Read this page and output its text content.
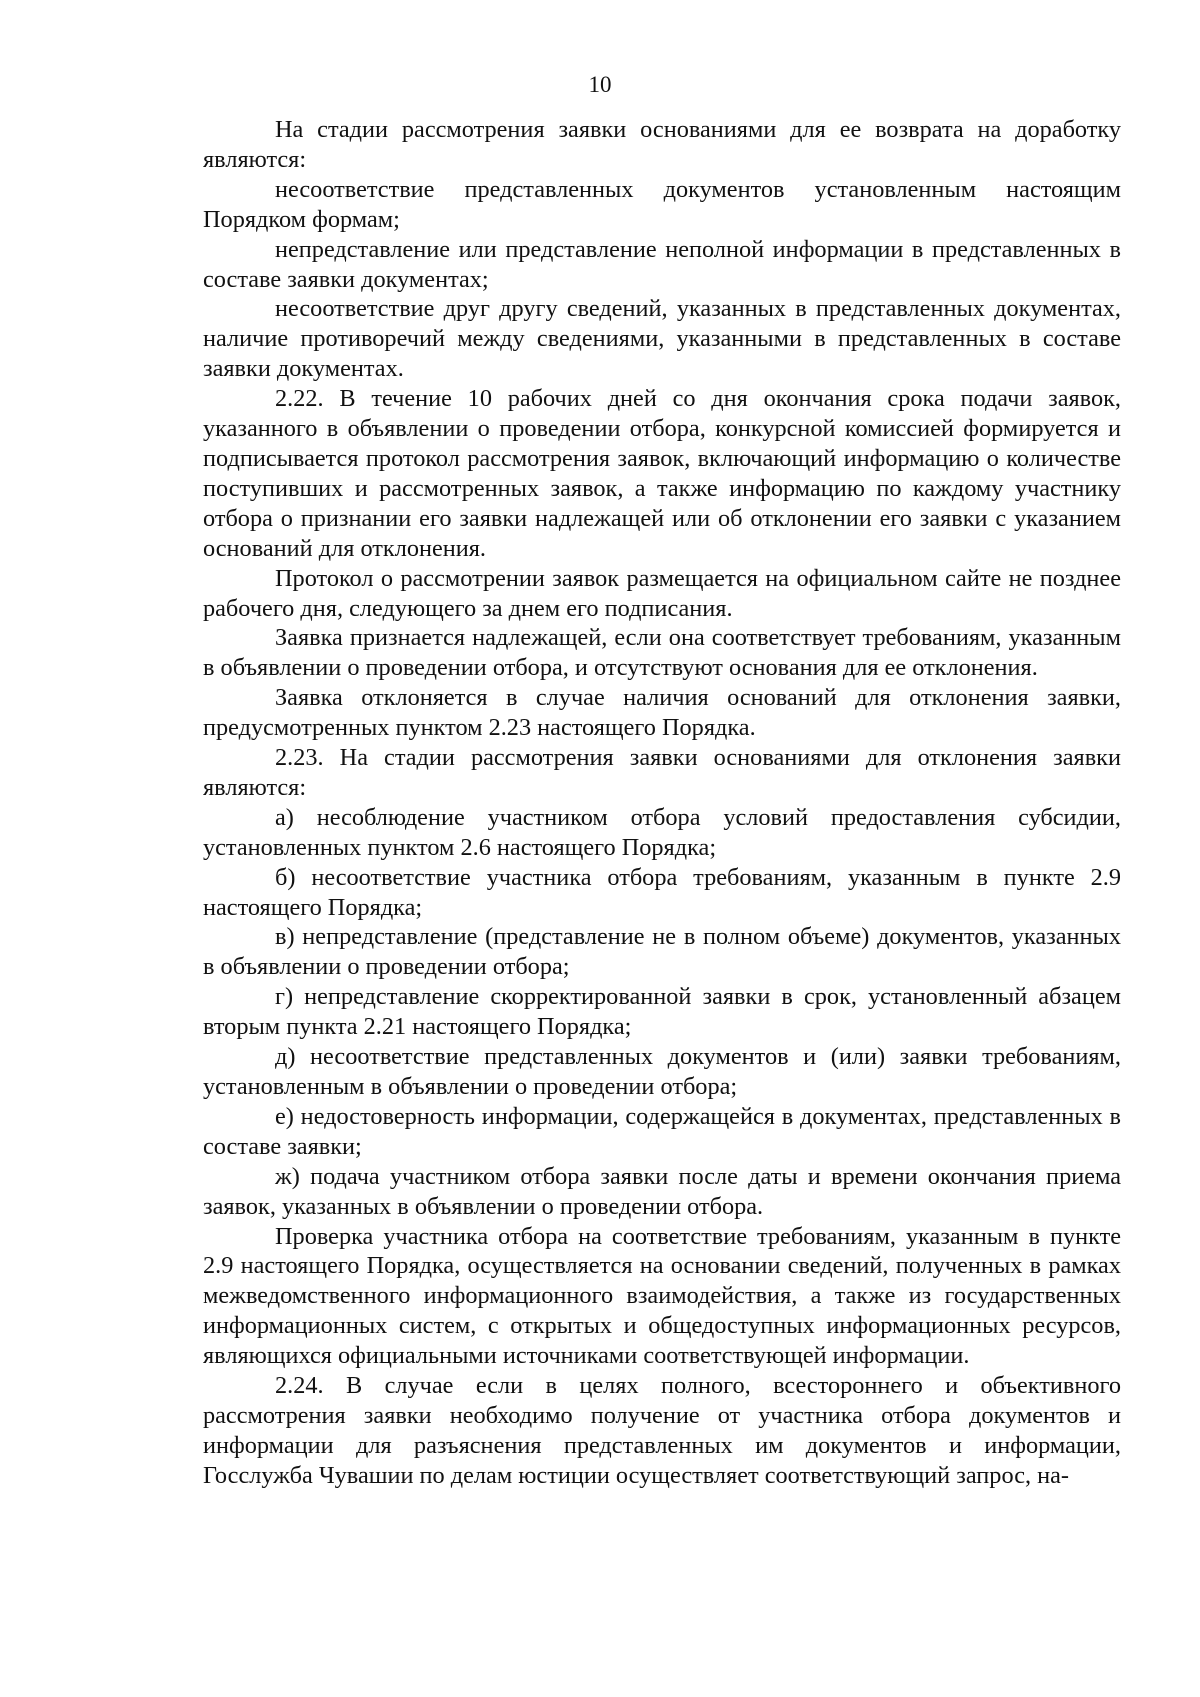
10

На стадии рассмотрения заявки основаниями для ее возврата на доработку являются:

несоответствие представленных документов установленным настоящим Порядком формам;

непредставление или представление неполной информации в представленных в составе заявки документах;

несоответствие друг другу сведений, указанных в представленных документах, наличие противоречий между сведениями, указанными в представленных в составе заявки документах.

2.22. В течение 10 рабочих дней со дня окончания срока подачи заявок, указанного в объявлении о проведении отбора, конкурсной комиссией формируется и подписывается протокол рассмотрения заявок, включающий информацию о количестве поступивших и рассмотренных заявок, а также информацию по каждому участнику отбора о признании его заявки надлежащей или об отклонении его заявки с указанием оснований для отклонения.

Протокол о рассмотрении заявок размещается на официальном сайте не позднее рабочего дня, следующего за днем его подписания.

Заявка признается надлежащей, если она соответствует требованиям, указанным в объявлении о проведении отбора, и отсутствуют основания для ее отклонения.

Заявка отклоняется в случае наличия оснований для отклонения заявки, предусмотренных пунктом 2.23 настоящего Порядка.

2.23. На стадии рассмотрения заявки основаниями для отклонения заявки являются:

а) несоблюдение участником отбора условий предоставления субсидии, установленных пунктом 2.6 настоящего Порядка;

б) несоответствие участника отбора требованиям, указанным в пункте 2.9 настоящего Порядка;

в) непредставление (представление не в полном объеме) документов, указанных в объявлении о проведении отбора;

г) непредставление скорректированной заявки в срок, установленный абзацем вторым пункта 2.21 настоящего Порядка;

д) несоответствие представленных документов и (или) заявки требованиям, установленным в объявлении о проведении отбора;

е) недостоверность информации, содержащейся в документах, представленных в составе заявки;

ж) подача участником отбора заявки после даты и времени окончания приема заявок, указанных в объявлении о проведении отбора.

Проверка участника отбора на соответствие требованиям, указанным в пункте 2.9 настоящего Порядка, осуществляется на основании сведений, полученных в рамках межведомственного информационного взаимодействия, а также из государственных информационных систем, с открытых и общедоступных информационных ресурсов, являющихся официальными источниками соответствующей информации.

2.24. В случае если в целях полного, всестороннего и объективного рассмотрения заявки необходимо получение от участника отбора документов и информации для разъяснения представленных им документов и информации, Госслужба Чувашии по делам юстиции осуществляет соответствующий запрос, на-
